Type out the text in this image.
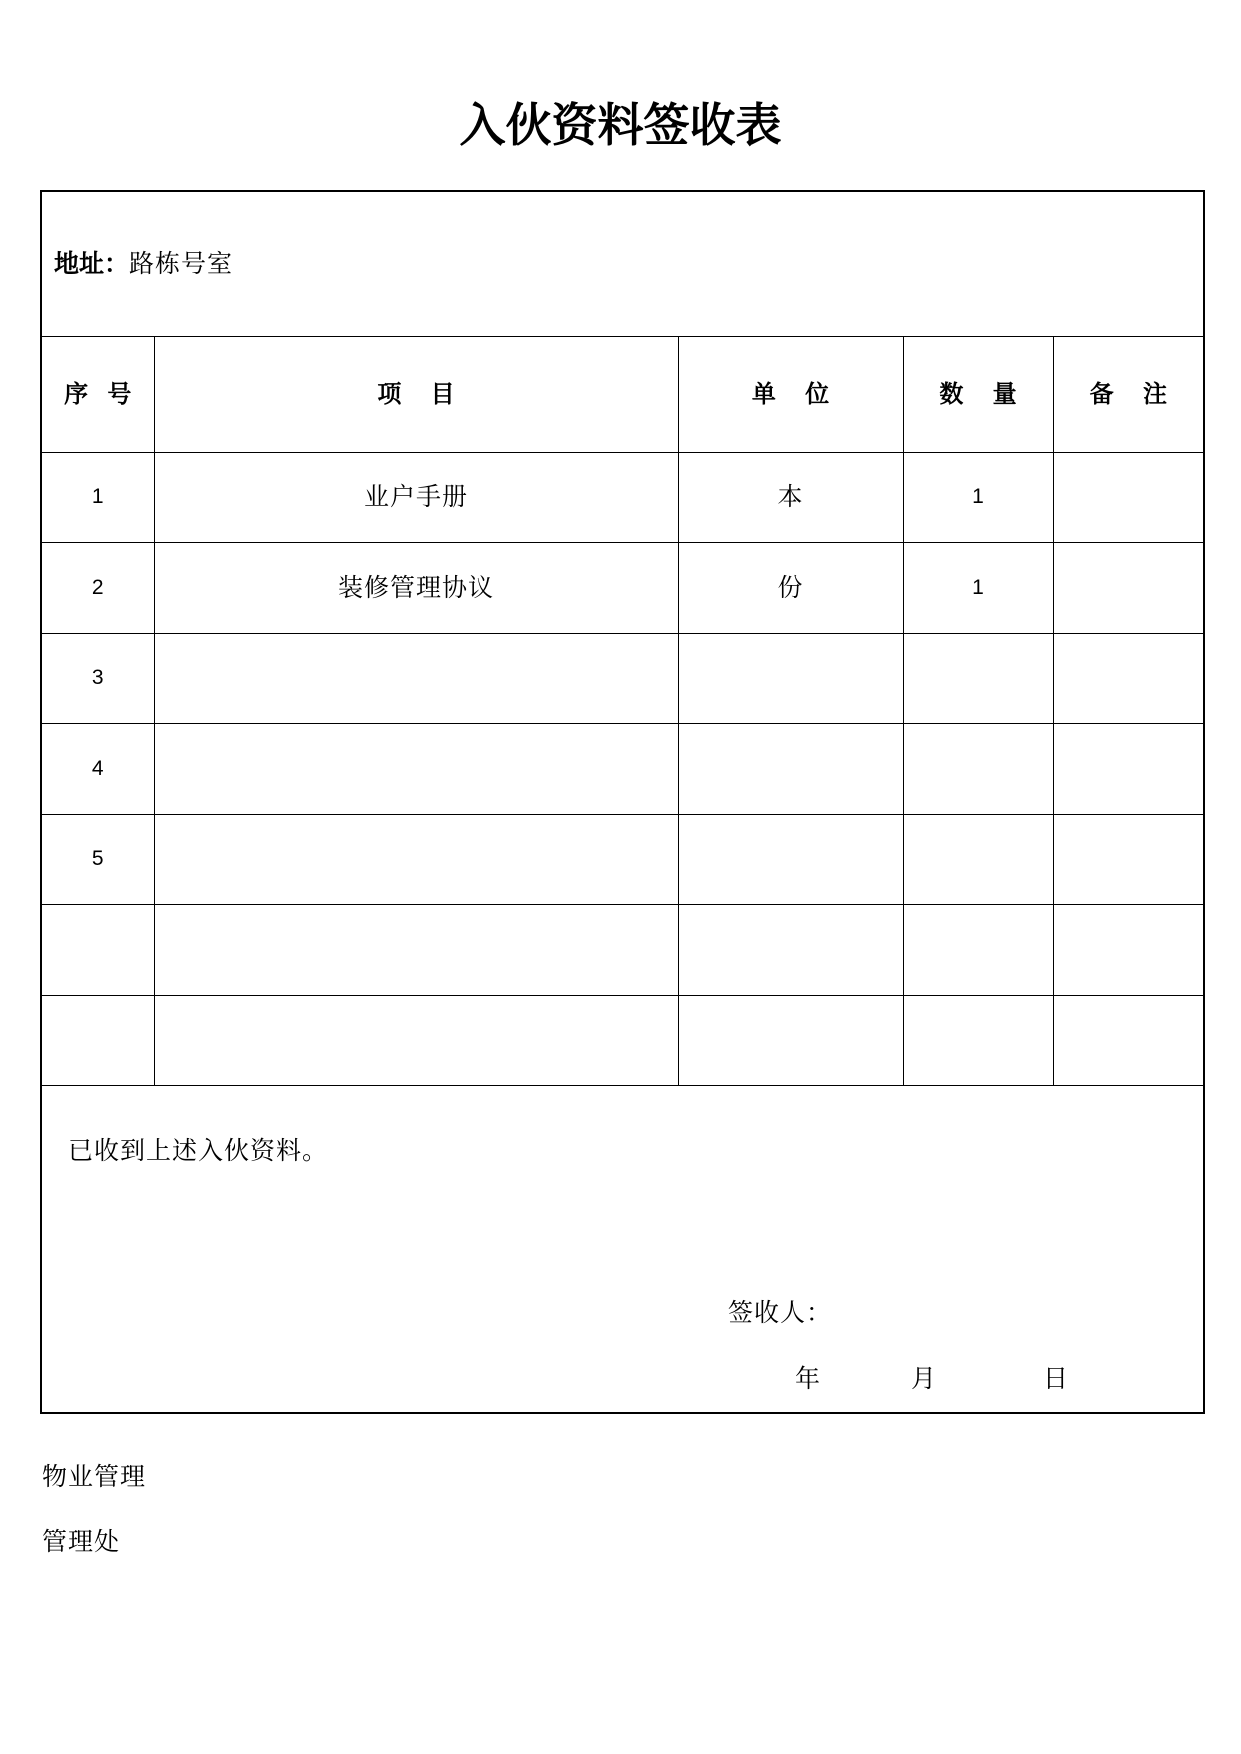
入伙资料签收表
地址：路栋号室				
序 号	项 目	单 位	数 量	备 注
1	业户手册	本	1	
2	装修管理协议	份	1	
3				
4				
5				

已收到上述入伙资料。
签收人：
年 月 日				
物业管理
管理处
